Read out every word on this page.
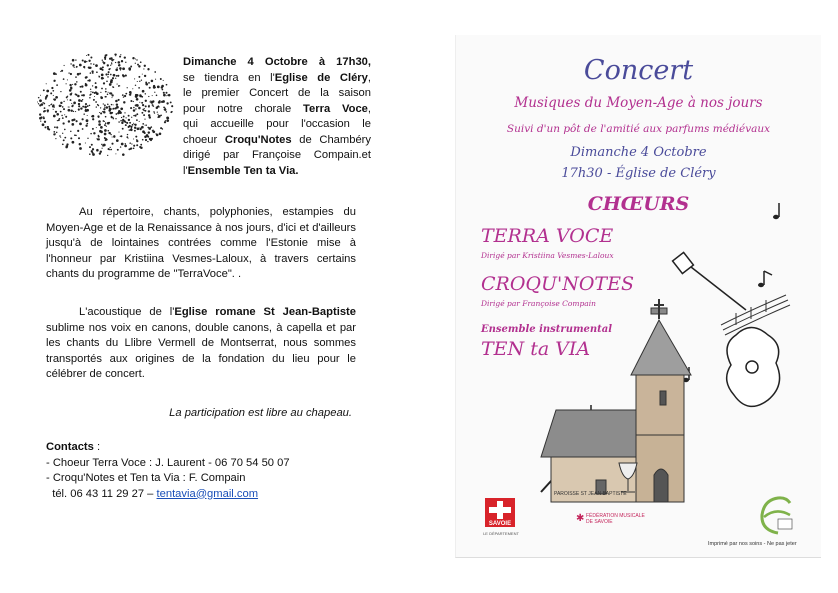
Dimanche 4 Octobre à 17h30,
se tiendra en l'Eglise de Cléry,
le premier Concert de la saison
pour notre chorale Terra Voce,
qui accueille pour l'occasion le
choeur Croqu'Notes de Chambéry
dirigé par Françoise Compain.et
l'Ensemble Ten ta Via.
Au répertoire, chants, polyphonies, estampies du Moyen-Age et de la Renaissance à nos jours, d'ici et d'ailleurs jusqu'à de lointaines contrées comme l'Estonie mise à l'honneur par Kristiina Vesmes-Laloux, à travers certains chants du programme de "TerraVoce". .
L'acoustique de l'Eglise romane St Jean-Baptiste sublime nos voix en canons, double canons, à capella et par les chants du Llibre Vermell de Montserrat, nous sommes transportés aux origines de la fondation du lieu pour le célébrer de concert.
La participation est libre au chapeau.
Contacts :
- Choeur Terra Voce : J. Laurent - 06 70 54 50 07
- Croqu'Notes et Ten ta Via : F. Compain
tél. 06 43 11 29 27 – tentavia@gmail.com
Concert
Musiques du Moyen-Age à nos jours
Suivi d'un pôt de l'amitié aux parfums médiévaux
Dimanche 4 Octobre
17h30 - Église de Cléry
CHŒURS
TERRA VOCE
Dirigé par Kristiina Vesmes-Laloux
CROQU'NOTES
Dirigé par Françoise Compain
Ensemble instrumental
TEN ta VIA
PAROISSE ST JEAN BAPTISTE
SAVOIE
LE DÉPARTEMENT
✱ FÉDÉRATION MUSICALE DE SAVOIE
Imprimé par nos soins - Ne pas jeter
